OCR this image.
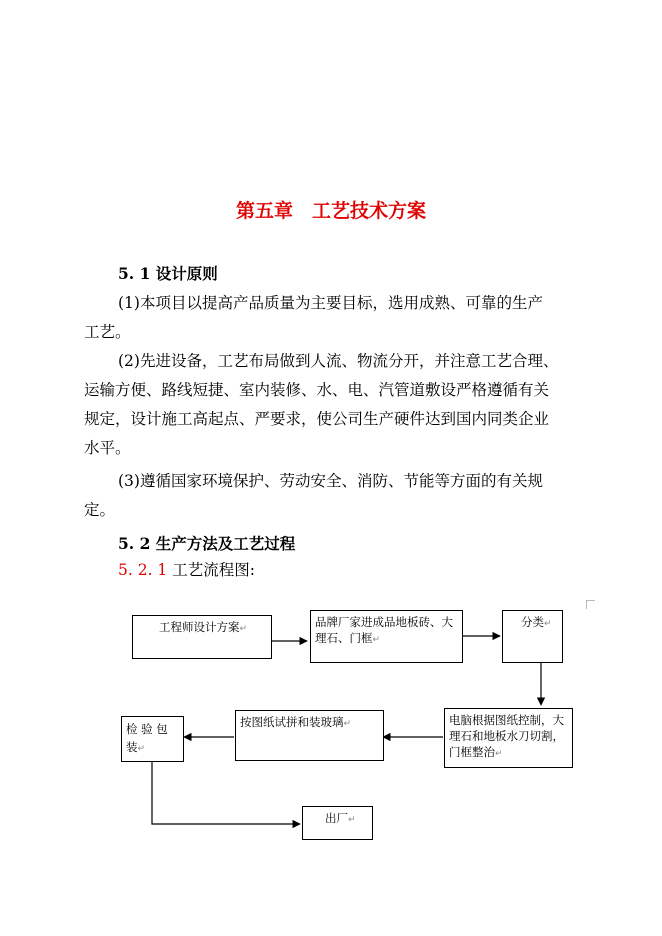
第五章　工艺技术方案
5. 1 设计原则
(1)本项目以提高产品质量为主要目标，选用成熟、可靠的生产
工艺。
(2)先进设备，工艺布局做到人流、物流分开，并注意工艺合理、
运输方便、路线短捷、室内装修、水、电、汽管道敷设严格遵循有关
规定，设计施工高起点、严要求，使公司生产硬件达到国内同类企业
水平。
(3)遵循国家环境保护、劳动安全、消防、节能等方面的有关规
定。
5. 2 生产方法及工艺过程
5. 2. 1 工艺流程图:
工程师设计方案↵	品牌厂家进成品地板砖、大理石、门框↵
分类↵
电脑根据图纸控制，大理石和地板水刀切割，门框整治↵
按图纸试拼和装玻璃↵
检 验 包 装↵
出厂↵
